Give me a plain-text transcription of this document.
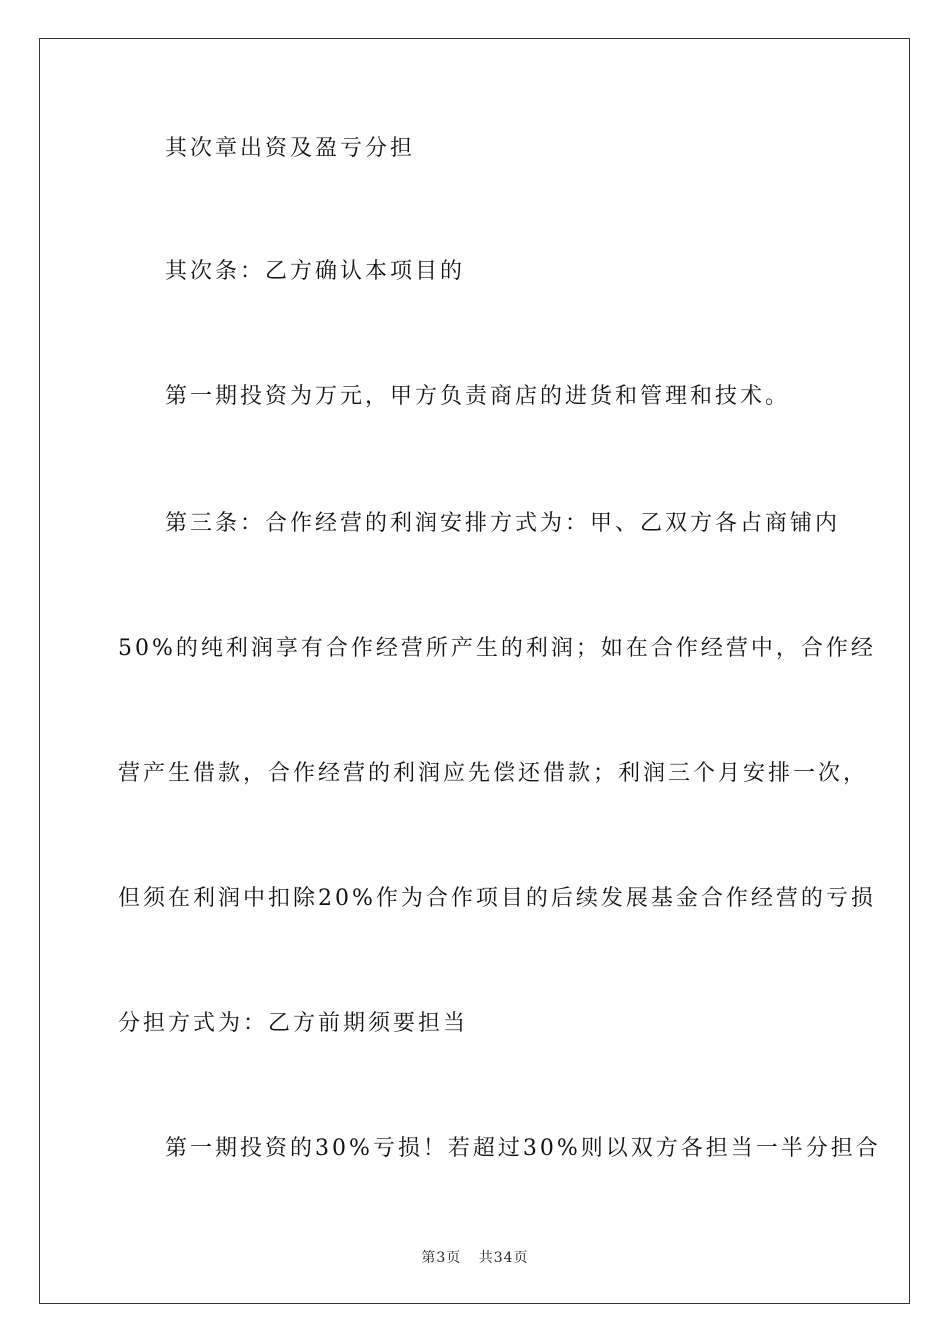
其次章出资及盈亏分担
其次条：乙方确认本项目的
第一期投资为万元，甲方负责商店的进货和管理和技术。
第三条：合作经营的利润安排方式为：甲、乙双方各占商铺内
50%的纯利润享有合作经营所产生的利润；如在合作经营中，合作经
营产生借款，合作经营的利润应先偿还借款；利润三个月安排一次，
但须在利润中扣除20%作为合作项目的后续发展基金合作经营的亏损
分担方式为：乙方前期须要担当
第一期投资的30%亏损！若超过30%则以双方各担当一半分担合
第3页 共34页
